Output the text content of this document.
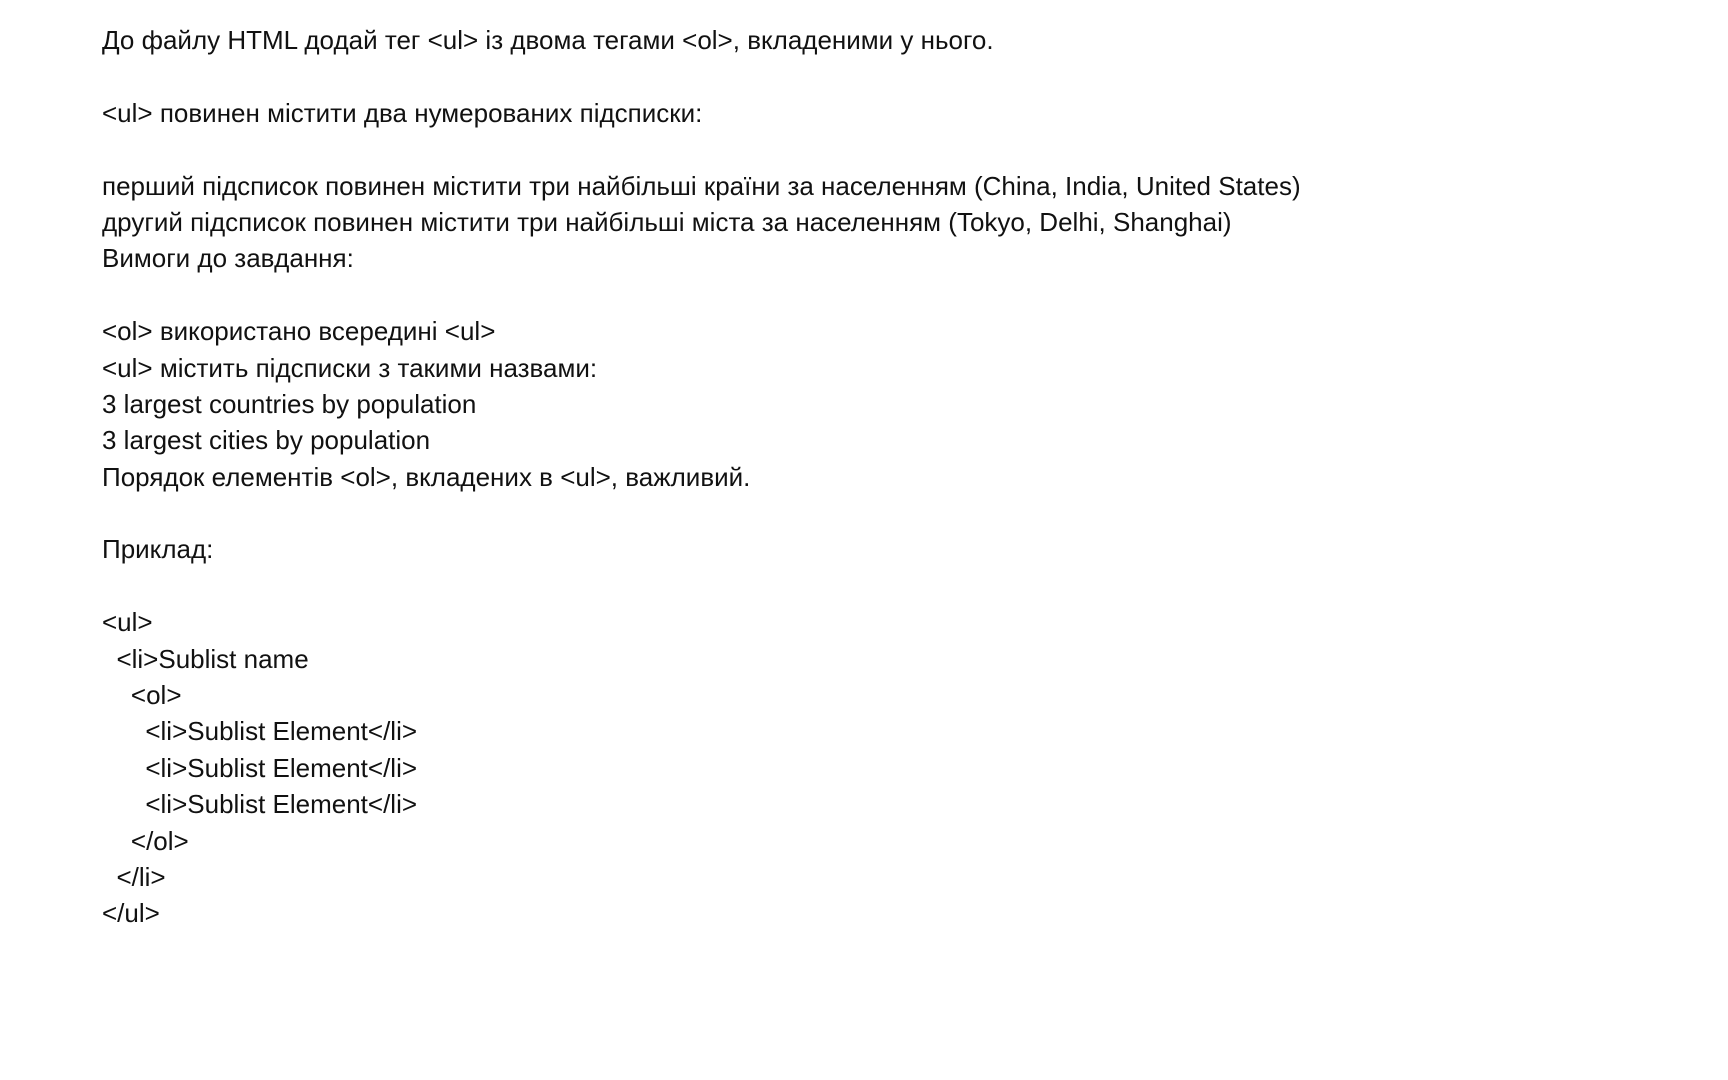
До файлу HTML додай тег <ul> із двома тегами <ol>, вкладеними у нього.
<ul> повинен містити два нумерованих підсписки:
перший підсписок повинен містити три найбільші країни за населенням (China, India, United States)
другий підсписок повинен містити три найбільші міста за населенням (Tokyo, Delhi, Shanghai)
Вимоги до завдання:
<ol> використано всередині <ul>
<ul> містить підсписки з такими назвами:
3 largest countries by population
3 largest cities by population
Порядок елементів <ol>, вкладених в <ul>, важливий.
Приклад:
<ul>
<li>Sublist name
<ol>
<li>Sublist Element</li>
<li>Sublist Element</li>
<li>Sublist Element</li>
</ol>
</li>
</ul>
